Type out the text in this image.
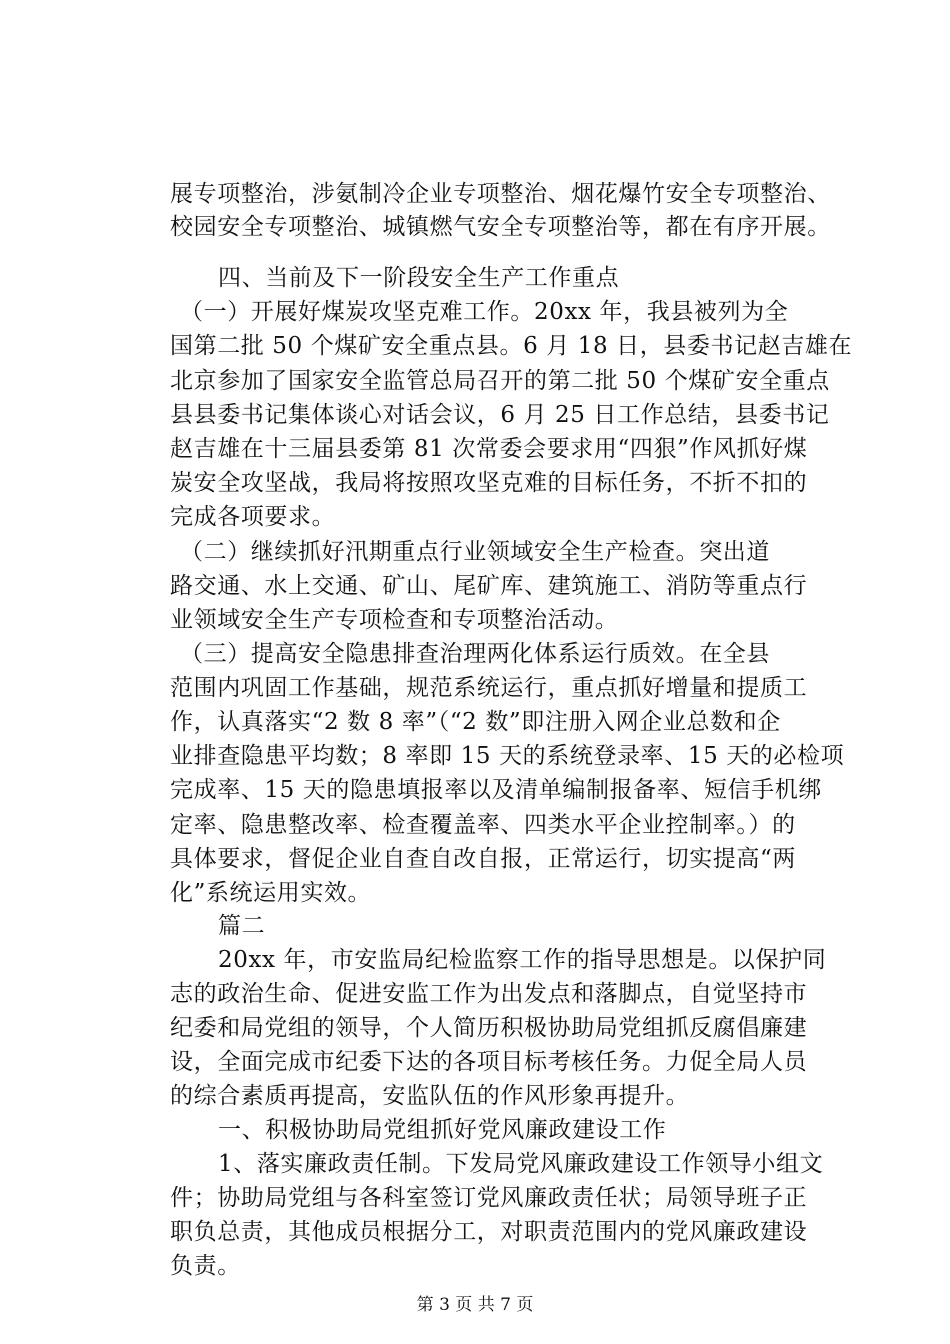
展专项整治，涉氨制冷企业专项整治、烟花爆竹安全专项整治、
校园安全专项整治、城镇燃气安全专项整治等，都在有序开展。
四、当前及下一阶段安全生产工作重点
（一）开展好煤炭攻坚克难工作。20xx 年，我县被列为全
国第二批 50 个煤矿安全重点县。6 月 18 日，县委书记赵吉雄在
北京参加了国家安全监管总局召开的第二批 50 个煤矿安全重点
县县委书记集体谈心对话会议，6 月 25 日工作总结，县委书记
赵吉雄在十三届县委第 81 次常委会要求用“四狠”作风抓好煤
炭安全攻坚战，我局将按照攻坚克难的目标任务，不折不扣的
完成各项要求。
（二）继续抓好汛期重点行业领域安全生产检查。突出道
路交通、水上交通、矿山、尾矿库、建筑施工、消防等重点行
业领域安全生产专项检查和专项整治活动。
（三）提高安全隐患排查治理两化体系运行质效。在全县
范围内巩固工作基础，规范系统运行，重点抓好增量和提质工
作，认真落实“2 数 8 率”（“2 数”即注册入网企业总数和企
业排查隐患平均数；8 率即 15 天的系统登录率、15 天的必检项
完成率、15 天的隐患填报率以及清单编制报备率、短信手机绑
定率、隐患整改率、检查覆盖率、四类水平企业控制率。）的
具体要求，督促企业自查自改自报，正常运行，切实提高“两
化”系统运用实效。
篇二
20xx 年，市安监局纪检监察工作的指导思想是。以保护同
志的政治生命、促进安监工作为出发点和落脚点，自觉坚持市
纪委和局党组的领导，个人简历积极协助局党组抓反腐倡廉建
设，全面完成市纪委下达的各项目标考核任务。力促全局人员
的综合素质再提高，安监队伍的作风形象再提升。
一、积极协助局党组抓好党风廉政建设工作
1、落实廉政责任制。下发局党风廉政建设工作领导小组文
件；协助局党组与各科室签订党风廉政责任状；局领导班子正
职负总责，其他成员根据分工，对职责范围内的党风廉政建设
负责。
第 3 页 共 7 页
